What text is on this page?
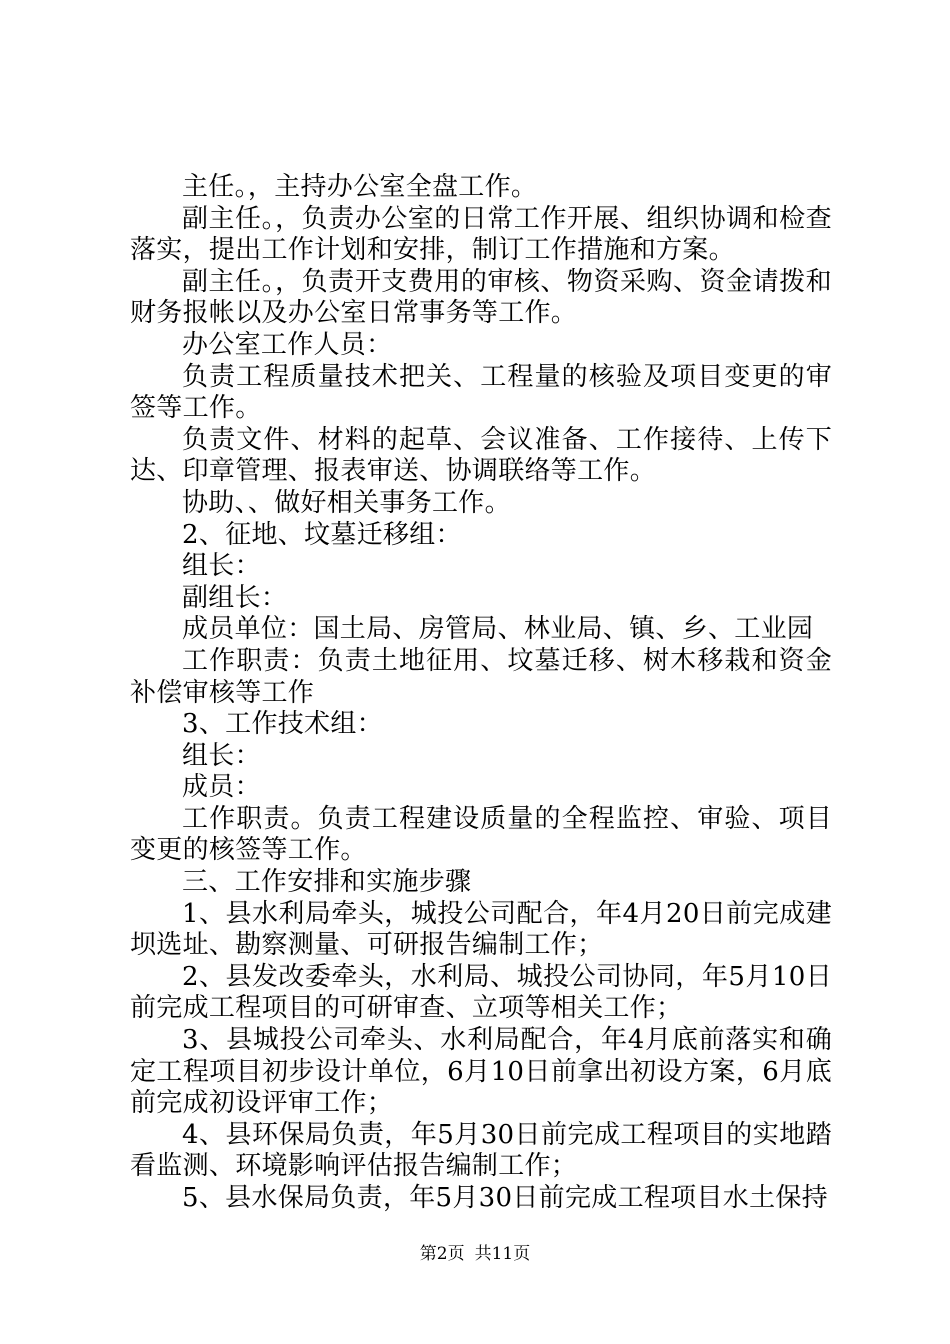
主任。，主持办公室全盘工作。

副主任。，负责办公室的日常工作开展、组织协调和检查落实，提出工作计划和安排，制订工作措施和方案。

副主任。，负责开支费用的审核、物资采购、资金请拨和财务报帐以及办公室日常事务等工作。

办公室工作人员：

负责工程质量技术把关、工程量的核验及项目变更的审签等工作。

负责文件、材料的起草、会议准备、工作接待、上传下达、印章管理、报表审送、协调联络等工作。

协助、、做好相关事务工作。

2、征地、坟墓迁移组：

组长：

副组长：

成员单位：国土局、房管局、林业局、镇、乡、工业园

工作职责：负责土地征用、坟墓迁移、树木移栽和资金补偿审核等工作

3、工作技术组：

组长：

成员：

工作职责。负责工程建设质量的全程监控、审验、项目变更的核签等工作。

三、工作安排和实施步骤

1、县水利局牵头，城投公司配合，年4月20日前完成建坝选址、勘察测量、可研报告编制工作；

2、县发改委牵头，水利局、城投公司协同，年5月10日前完成工程项目的可研审查、立项等相关工作；

3、县城投公司牵头、水利局配合，年4月底前落实和确定工程项目初步设计单位，6月10日前拿出初设方案，6月底前完成初设评审工作；

4、县环保局负责，年5月30日前完成工程项目的实地踏看监测、环境影响评估报告编制工作；

5、县水保局负责，年5月30日前完成工程项目水土保持

第2页 共11页
